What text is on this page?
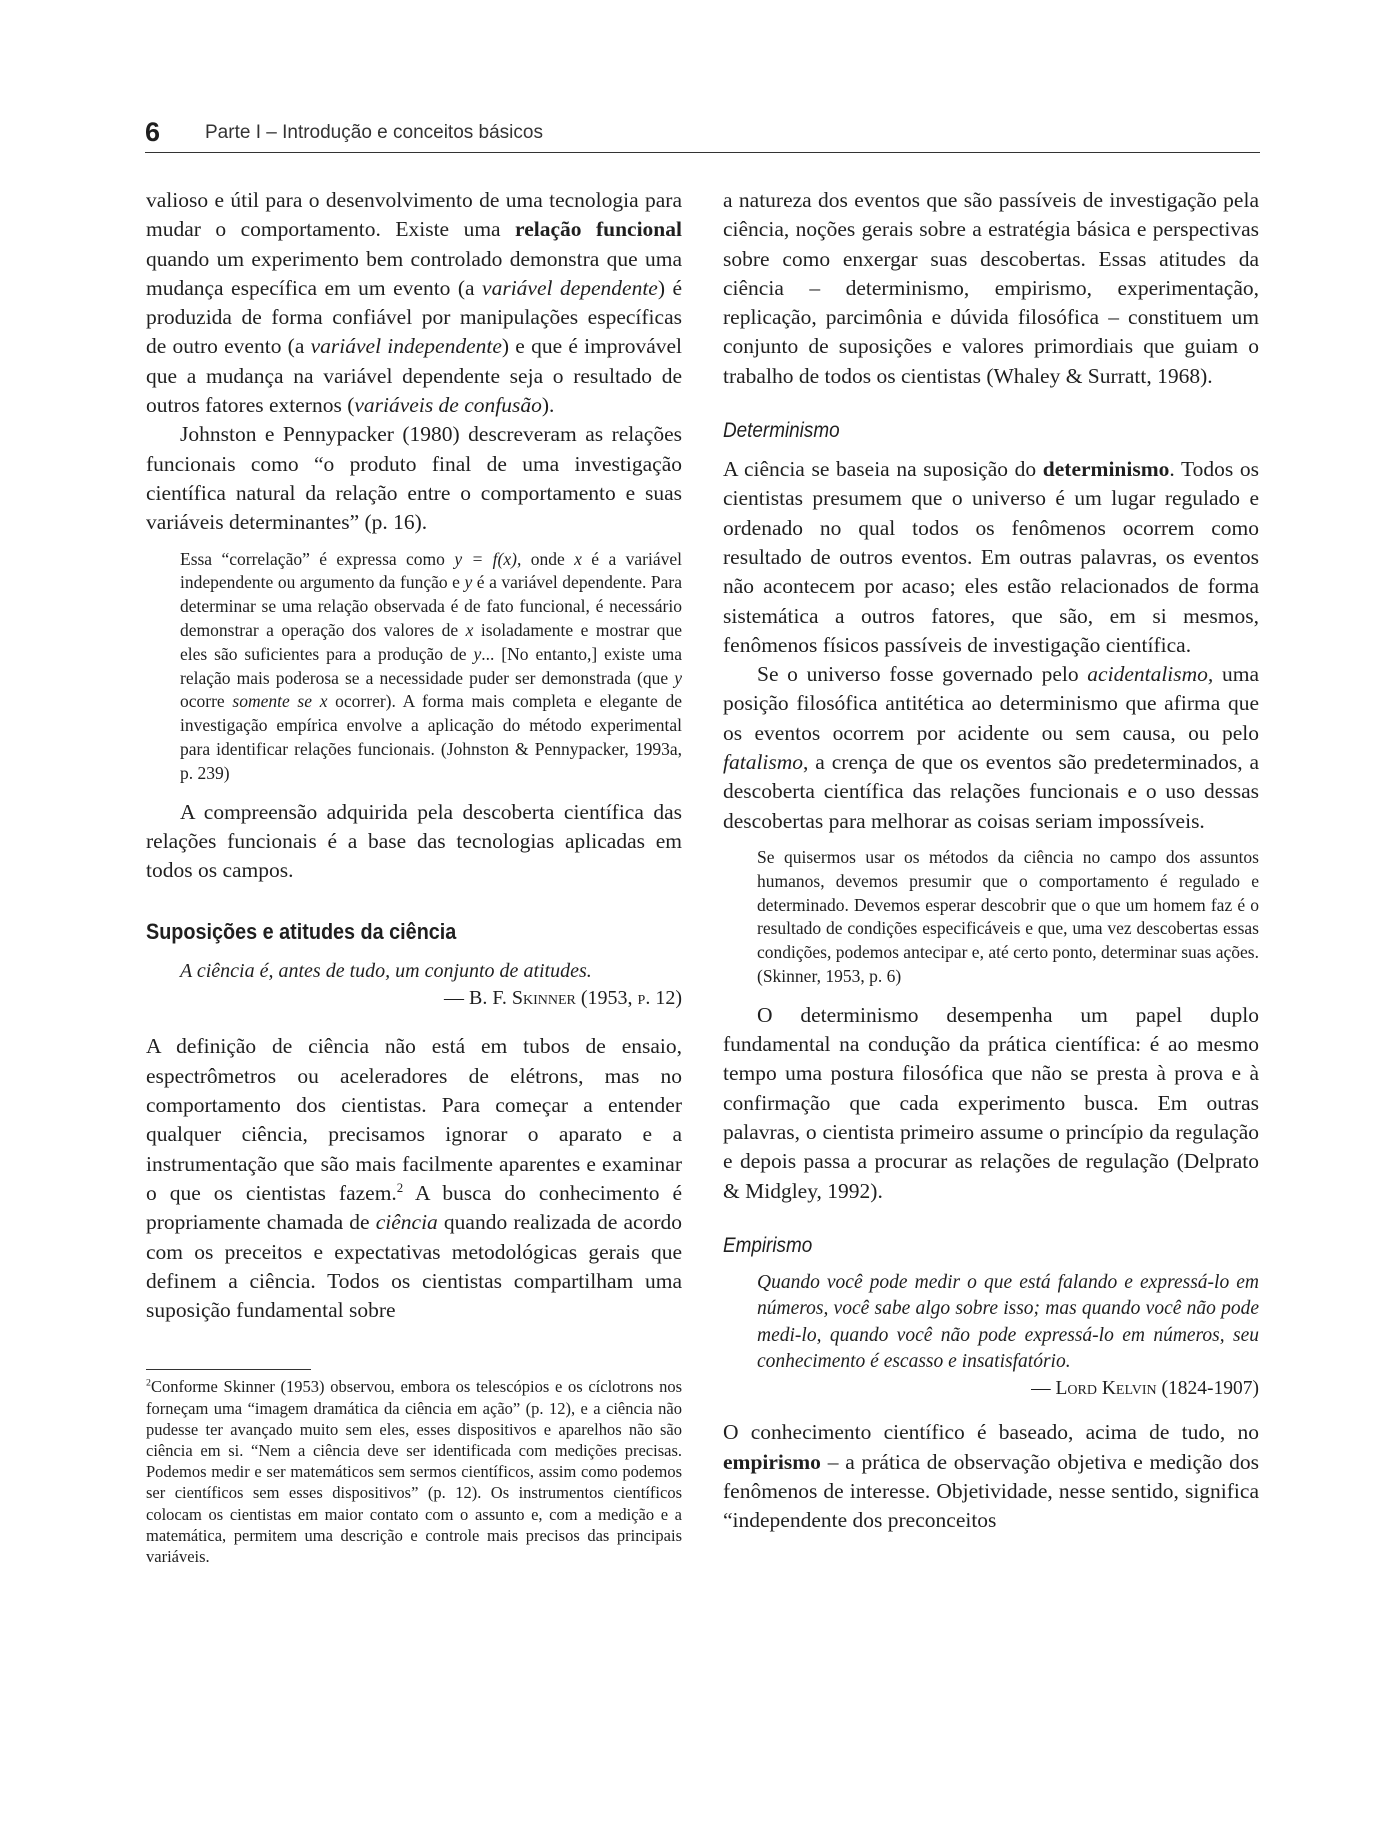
6 Parte I – Introdução e conceitos básicos

valioso e útil para o desenvolvimento de uma tecnologia para mudar o comportamento. Existe uma relação funcional quando um experimento bem controlado demonstra que uma mudança específica em um evento (a variável dependente) é produzida de forma confiável por manipulações específicas de outro evento (a variável independente) e que é improvável que a mudança na variável dependente seja o resultado de outros fatores externos (variáveis de confusão).

Johnston e Pennypacker (1980) descreveram as relações funcionais como “o produto final de uma investigação científica natural da relação entre o comportamento e suas variáveis determinantes” (p. 16).

Essa “correlação” é expressa como y = f(x), onde x é a variável independente ou argumento da função e y é a variável dependente. Para determinar se uma relação observada é de fato funcional, é necessário demonstrar a operação dos valores de x isoladamente e mostrar que eles são suficientes para a produção de y... [No entanto,] existe uma relação mais poderosa se a necessidade puder ser demonstrada (que y ocorre somente se x ocorrer). A forma mais completa e elegante de investigação empírica envolve a aplicação do método experimental para identificar relações funcionais. (Johnston & Pennypacker, 1993a, p. 239)

A compreensão adquirida pela descoberta científica das relações funcionais é a base das tecnologias aplicadas em todos os campos.

Suposições e atitudes da ciência

A ciência é, antes de tudo, um conjunto de atitudes.
— B. F. Skinner (1953, p. 12)

A definição de ciência não está em tubos de ensaio, espectrômetros ou aceleradores de elétrons, mas no comportamento dos cientistas. Para começar a entender qualquer ciência, precisamos ignorar o aparato e a instrumentação que são mais facilmente aparentes e examinar o que os cientistas fazem.$^2$ A busca do conhecimento é propriamente chamada de ciência quando realizada de acordo com os preceitos e expectativas metodológicas gerais que definem a ciência. Todos os cientistas compartilham uma suposição fundamental sobre

$^2$Conforme Skinner (1953) observou, embora os telescópios e os cíclotrons nos forneçam uma “imagem dramática da ciência em ação” (p. 12), e a ciência não pudesse ter avançado muito sem eles, esses dispositivos e aparelhos não são ciência em si. “Nem a ciência deve ser identificada com medições precisas. Podemos medir e ser matemáticos sem sermos científicos, assim como podemos ser científicos sem esses dispositivos” (p. 12). Os instrumentos científicos colocam os cientistas em maior contato com o assunto e, com a medição e a matemática, permitem uma descrição e controle mais precisos das principais variáveis.

a natureza dos eventos que são passíveis de investigação pela ciência, noções gerais sobre a estratégia básica e perspectivas sobre como enxergar suas descobertas. Essas atitudes da ciência – determinismo, empirismo, experimentação, replicação, parcimônia e dúvida filosófica – constituem um conjunto de suposições e valores primordiais que guiam o trabalho de todos os cientistas (Whaley & Surratt, 1968).

Determinismo

A ciência se baseia na suposição do determinismo. Todos os cientistas presumem que o universo é um lugar regulado e ordenado no qual todos os fenômenos ocorrem como resultado de outros eventos. Em outras palavras, os eventos não acontecem por acaso; eles estão relacionados de forma sistemática a outros fatores, que são, em si mesmos, fenômenos físicos passíveis de investigação científica.

Se o universo fosse governado pelo acidentalismo, uma posição filosófica antitética ao determinismo que afirma que os eventos ocorrem por acidente ou sem causa, ou pelo fatalismo, a crença de que os eventos são predeterminados, a descoberta científica das relações funcionais e o uso dessas descobertas para melhorar as coisas seriam impossíveis.

Se quisermos usar os métodos da ciência no campo dos assuntos humanos, devemos presumir que o comportamento é regulado e determinado. Devemos esperar descobrir que o que um homem faz é o resultado de condições especificáveis e que, uma vez descobertas essas condições, podemos antecipar e, até certo ponto, determinar suas ações. (Skinner, 1953, p. 6)

O determinismo desempenha um papel duplo fundamental na condução da prática científica: é ao mesmo tempo uma postura filosófica que não se presta à prova e à confirmação que cada experimento busca. Em outras palavras, o cientista primeiro assume o princípio da regulação e depois passa a procurar as relações de regulação (Delprato & Midgley, 1992).

Empirismo

Quando você pode medir o que está falando e expressá-lo em números, você sabe algo sobre isso; mas quando você não pode medi-lo, quando você não pode expressá-lo em números, seu conhecimento é escasso e insatisfatório.
— Lord Kelvin (1824-1907)

O conhecimento científico é baseado, acima de tudo, no empirismo – a prática de observação objetiva e medição dos fenômenos de interesse. Objetividade, nesse sentido, significa “independente dos preconceitos
